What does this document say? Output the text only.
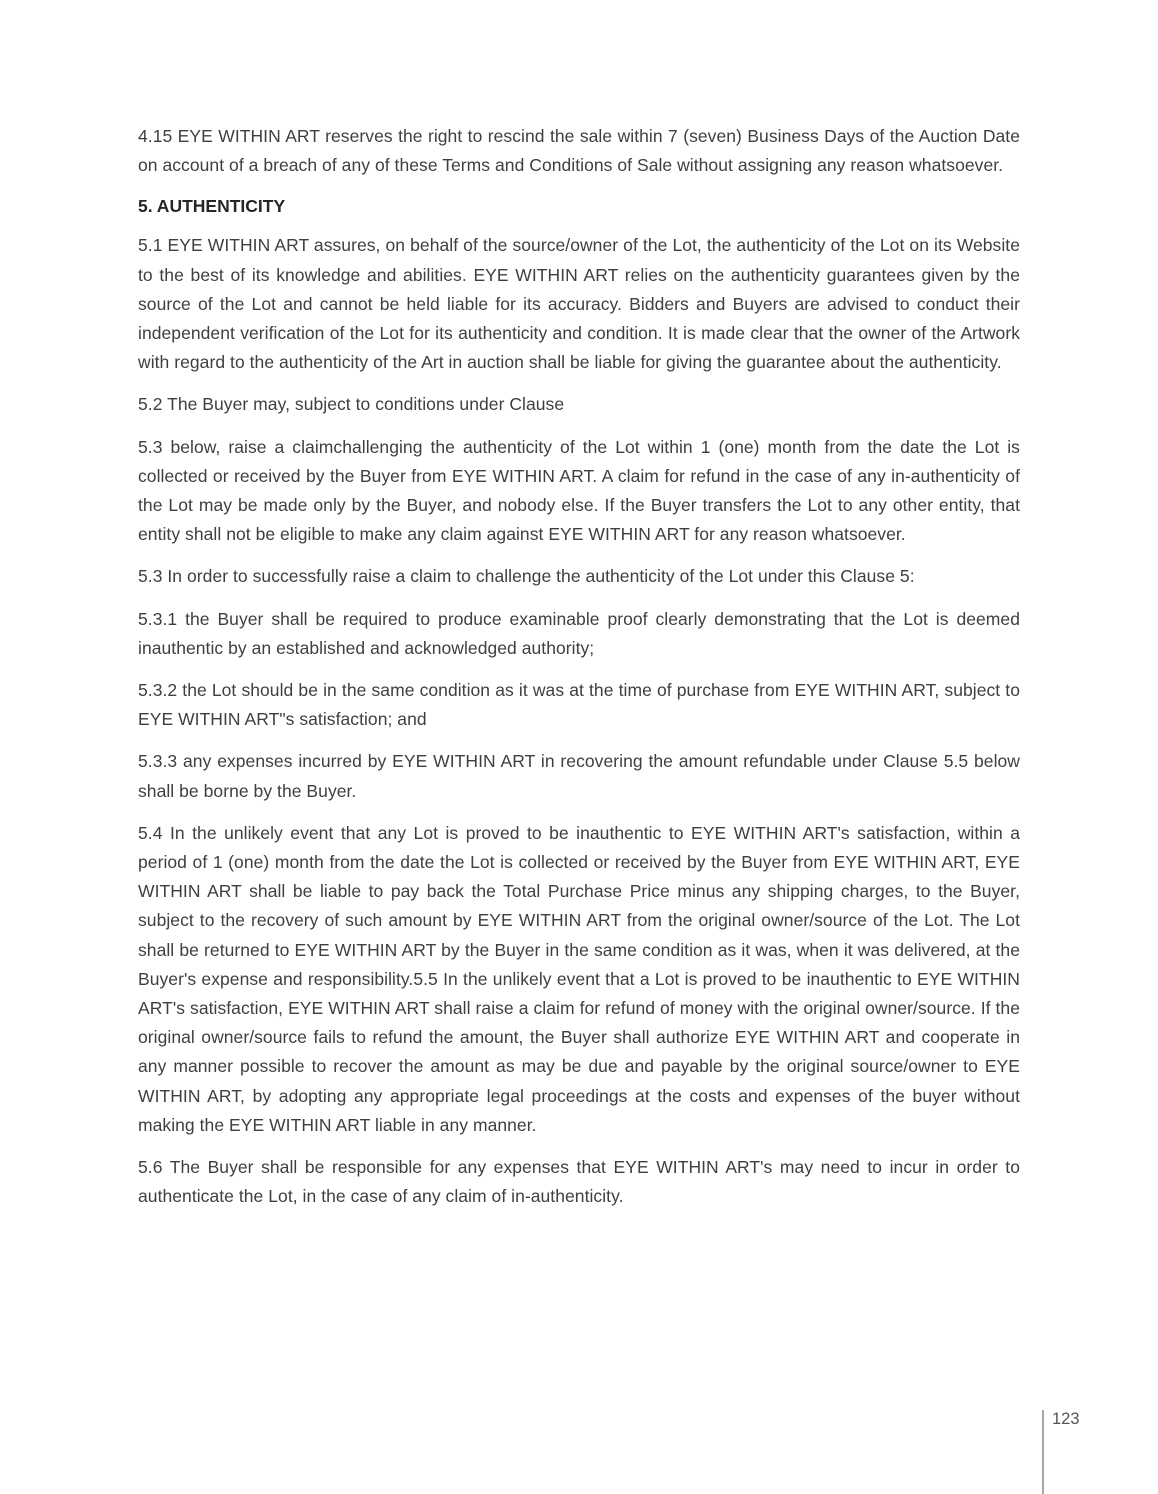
4.15 EYE WITHIN ART reserves the right to rescind the sale within 7 (seven) Business Days of the Auction Date on account of a breach of any of these Terms and Conditions of Sale without assigning any reason whatsoever.

5. AUTHENTICITY

5.1 EYE WITHIN ART assures, on behalf of the source/owner of the Lot, the authenticity of the Lot on its Website to the best of its knowledge and abilities. EYE WITHIN ART relies on the authenticity guarantees given by the source of the Lot and cannot be held liable for its accuracy. Bidders and Buyers are advised to conduct their independent verification of the Lot for its authenticity and condition. It is made clear that the owner of the Artwork with regard to the authenticity of the Art in auction shall be liable for giving the guarantee about the authenticity.

5.2 The Buyer may, subject to conditions under Clause

5.3 below, raise a claimchallenging the authenticity of the Lot within 1 (one) month from the date the Lot is collected or received by the Buyer from EYE WITHIN ART. A claim for refund in the case of any in-authenticity of the Lot may be made only by the Buyer, and nobody else. If the Buyer transfers the Lot to any other entity, that entity shall not be eligible to make any claim against EYE WITHIN ART for any reason whatsoever.

5.3 In order to successfully raise a claim to challenge the authenticity of the Lot under this Clause 5:

5.3.1 the Buyer shall be required to produce examinable proof clearly demonstrating that the Lot is deemed inauthentic by an established and acknowledged authority;

5.3.2 the Lot should be in the same condition as it was at the time of purchase from EYE WITHIN ART, subject to EYE WITHIN ART"s satisfaction; and

5.3.3 any expenses incurred by EYE WITHIN ART in recovering the amount refundable under Clause 5.5 below shall be borne by the Buyer.

5.4 In the unlikely event that any Lot is proved to be inauthentic to EYE WITHIN ART's satisfaction, within a period of 1 (one) month from the date the Lot is collected or received by the Buyer from EYE WITHIN ART, EYE WITHIN ART shall be liable to pay back the Total Purchase Price minus any shipping charges, to the Buyer, subject to the recovery of such amount by EYE WITHIN ART from the original owner/source of the Lot. The Lot shall be returned to EYE WITHIN ART by the Buyer in the same condition as it was, when it was delivered, at the Buyer's expense and responsibility.5.5 In the unlikely event that a Lot is proved to be inauthentic to EYE WITHIN ART's satisfaction, EYE WITHIN ART shall raise a claim for refund of money with the original owner/source. If the original owner/source fails to refund the amount, the Buyer shall authorize EYE WITHIN ART and cooperate in any manner possible to recover the amount as may be due and payable by the original source/owner to EYE WITHIN ART, by adopting any appropriate legal proceedings at the costs and expenses of the buyer without making the EYE WITHIN ART liable in any manner.

5.6 The Buyer shall be responsible for any expenses that EYE WITHIN ART's may need to incur in order to authenticate the Lot, in the case of any claim of in-authenticity.

123
